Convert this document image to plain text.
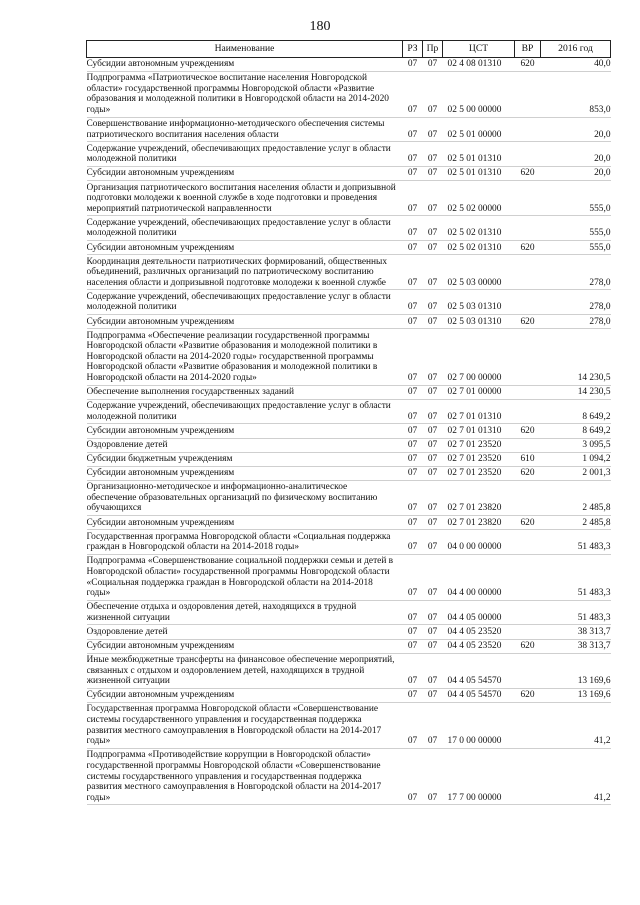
180
Наименование	РЗ	Пр	ЦСТ	ВР	2016 год
Субсидии автономным учреждениям	07	07	02 4 08 01310	620	40,0
Подпрограмма «Патриотическое воспитание населения Новгородской области» государственной программы Новгородской области «Развитие образования и молодежной политики в Новгородской области на 2014-2020 годы»	07	07	02 5 00 00000		853,0
Совершенствование информационно-методического обеспечения системы патриотического воспитания населения области	07	07	02 5 01 00000		20,0
Содержание учреждений, обеспечивающих предоставление услуг в области молодежной политики	07	07	02 5 01 01310		20,0
Субсидии автономным учреждениям	07	07	02 5 01 01310	620	20,0
Организация патриотического воспитания населения области и допризывной подготовки молодежи к военной службе в ходе подготовки и проведения мероприятий патриотической направленности	07	07	02 5 02 00000		555,0
Содержание учреждений, обеспечивающих предоставление услуг в области молодежной политики	07	07	02 5 02 01310		555,0
Субсидии автономным учреждениям	07	07	02 5 02 01310	620	555,0
Координация деятельности патриотических формирований, общественных объединений, различных организаций по патриотическому воспитанию населения области и допризывной подготовке молодежи к военной службе	07	07	02 5 03 00000		278,0
Содержание учреждений, обеспечивающих предоставление услуг в области молодежной политики	07	07	02 5 03 01310		278,0
Субсидии автономным учреждениям	07	07	02 5 03 01310	620	278,0
Подпрограмма «Обеспечение реализации государственной программы Новгородской области «Развитие образования и молодежной политики в Новгородской области на 2014-2020 годы» государственной программы Новгородской области «Развитие образования и молодежной политики в Новгородской области на 2014-2020 годы»	07	07	02 7 00 00000		14 230,5
Обеспечение выполнения государственных заданий	07	07	02 7 01 00000		14 230,5
Содержание учреждений, обеспечивающих предоставление услуг в области молодежной политики	07	07	02 7 01 01310		8 649,2
Субсидии автономным учреждениям	07	07	02 7 01 01310	620	8 649,2
Оздоровление детей	07	07	02 7 01 23520		3 095,5
Субсидии бюджетным учреждениям	07	07	02 7 01 23520	610	1 094,2
Субсидии автономным учреждениям	07	07	02 7 01 23520	620	2 001,3
Организационно-методическое и информационно-аналитическое обеспечение образовательных организаций по физическому воспитанию обучающихся	07	07	02 7 01 23820		2 485,8
Субсидии автономным учреждениям	07	07	02 7 01 23820	620	2 485,8
Государственная программа Новгородской области «Социальная поддержка граждан в Новгородской области на 2014-2018 годы»	07	07	04 0 00 00000		51 483,3
Подпрограмма «Совершенствование социальной поддержки семьи и детей в Новгородской области» государственной программы Новгородской области «Социальная поддержка граждан в Новгородской области на 2014-2018 годы»	07	07	04 4 00 00000		51 483,3
Обеспечение отдыха и оздоровления детей, находящихся в трудной жизненной ситуации	07	07	04 4 05 00000		51 483,3
Оздоровление детей	07	07	04 4 05 23520		38 313,7
Субсидии автономным учреждениям	07	07	04 4 05 23520	620	38 313,7
Иные межбюджетные трансферты на финансовое обеспечение мероприятий, связанных с отдыхом и оздоровлением детей, находящихся в трудной жизненной ситуации	07	07	04 4 05 54570		13 169,6
Субсидии автономным учреждениям	07	07	04 4 05 54570	620	13 169,6
Государственная программа Новгородской области «Совершенствование системы государственного управления и государственная поддержка развития местного самоуправления в Новгородской области на 2014-2017 годы»	07	07	17 0 00 00000		41,2
Подпрограмма «Противодействие коррупции в Новгородской области» государственной программы Новгородской области «Совершенствование системы государственного управления и государственная поддержка развития местного самоуправления в Новгородской области на 2014-2017 годы»	07	07	17 7 00 00000		41,2
